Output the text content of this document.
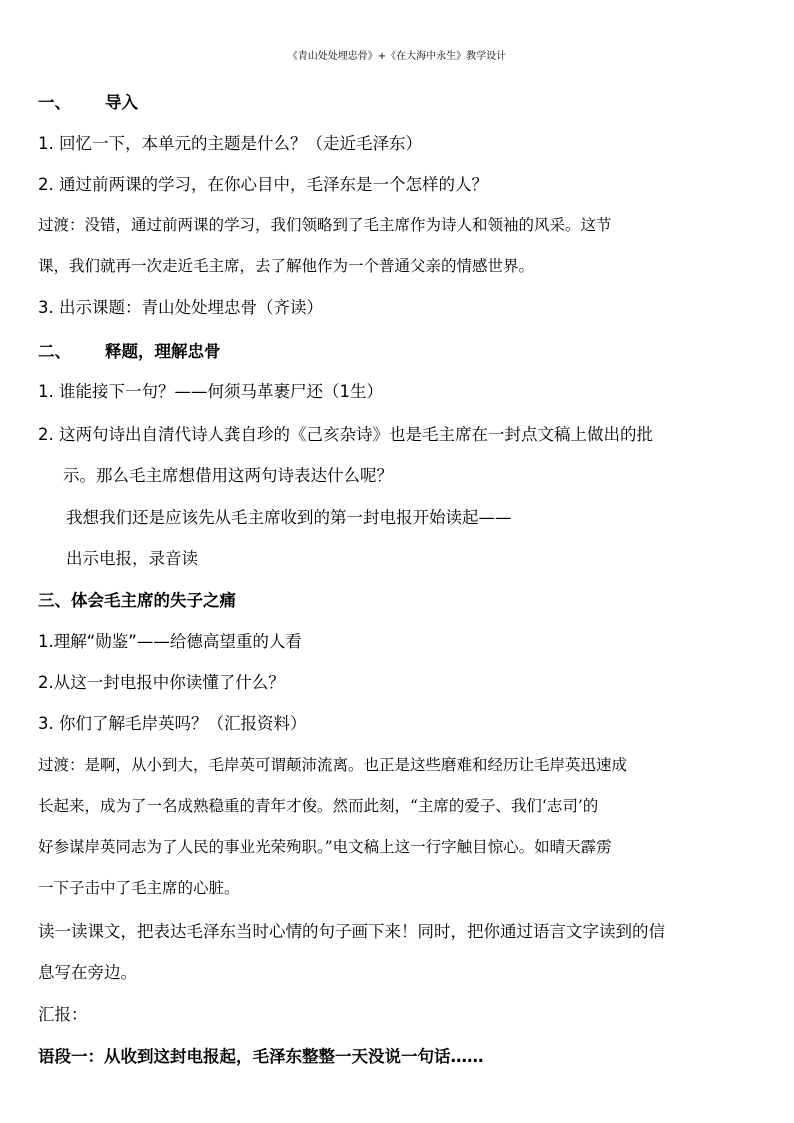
《青山处处埋忠骨》+《在大海中永生》教学设计
一、 导入
1. 回忆一下，本单元的主题是什么？（走近毛泽东）
2. 通过前两课的学习，在你心目中，毛泽东是一个怎样的人？
过渡：没错，通过前两课的学习，我们领略到了毛主席作为诗人和领袖的风采。这节
课，我们就再一次走近毛主席，去了解他作为一个普通父亲的情感世界。
3. 出示课题：青山处处埋忠骨（齐读）
二、 释题，理解忠骨
1. 谁能接下一句？——何须马革裹尸还（1生）
2. 这两句诗出自清代诗人龚自珍的《己亥杂诗》也是毛主席在一封点文稿上做出的批
示。那么毛主席想借用这两句诗表达什么呢？
我想我们还是应该先从毛主席收到的第一封电报开始读起——
出示电报，录音读
三、体会毛主席的失子之痛
1.理解“勋鉴”——给德高望重的人看
2.从这一封电报中你读懂了什么？
3. 你们了解毛岸英吗？（汇报资料）
过渡：是啊，从小到大，毛岸英可谓颠沛流离。也正是这些磨难和经历让毛岸英迅速成
长起来，成为了一名成熟稳重的青年才俊。然而此刻，“主席的爱子、我们‘志司’的
好参谋岸英同志为了人民的事业光荣殉职。”电文稿上这一行字触目惊心。如晴天霹雳
一下子击中了毛主席的心脏。
读一读课文，把表达毛泽东当时心情的句子画下来！同时，把你通过语言文字读到的信
息写在旁边。
汇报：
语段一：从收到这封电报起，毛泽东整整一天没说一句话……
